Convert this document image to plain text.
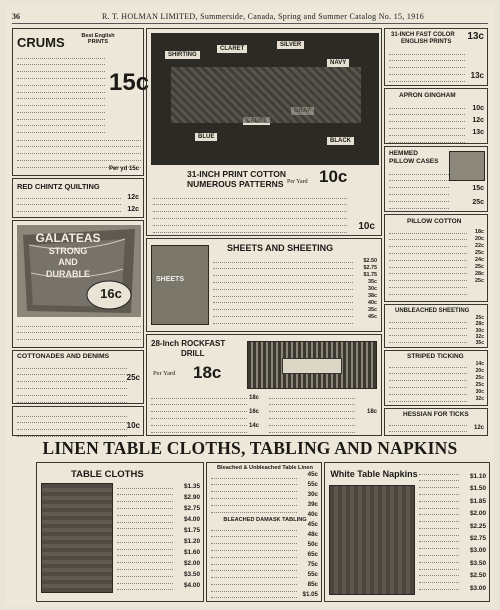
36	R. T. HOLMAN LIMITED, Summerside, Canada, Spring and Summer Catalog No. 15, 1916
CRUMS	Best English PRINTS
15c
Per yd 15c
RED CHINTZ QUILTING
12c
12c
GALATEAS
STRONG
AND
DURABLE
16c
COTTONADES AND DENIMS
25c
10c
SHIRTING
CLARET
SILVER
NAVY
BLUE
BLACK
31-INCH PRINT COTTON
NUMEROUS PATTERNS Per Yard 10c
10c
SHEETS
SHEETS AND SHEETING
$2.50
$2.75
$1.75
35c
30c
38c
40c
35c
45c
28-Inch ROCKFAST
DRILL
Per Yard 18c
18c
16c
14c
18c
31-INCH FAST COLOR
ENGLISH PRINTS 13c
13c
APRON GINGHAM
10c
12c
13c
HEMMED
PILLOW CASES
15c
25c
PILLOW COTTON
18c
20c
22c
25c
24c
25c
28c
25c
UNBLEACHED SHEETING
25c
28c
30c
32c
35c
STRIPED TICKING
14c
20c
25c
25c
30c
32c
HESSIAN FOR TICKS
12c
LINEN TABLE CLOTHS, TABLING AND NAPKINS
TABLE CLOTHS
$1.35
$2.90
$2.75
$4.00
$1.75
$1.20
$1.60
$2.00
$3.50
$4.00
Bleached & Unbleached Table Linen
BLEACHED DAMASK TABLING
45c
55c
30c
39c
40c
45c
48c
50c
65c
75c
55c
85c
$1.05
White Table Napkins	$1.10
$1.50
$1.85
$2.00
$2.25
$2.75
$3.00
$3.50
$2.50
$3.00
